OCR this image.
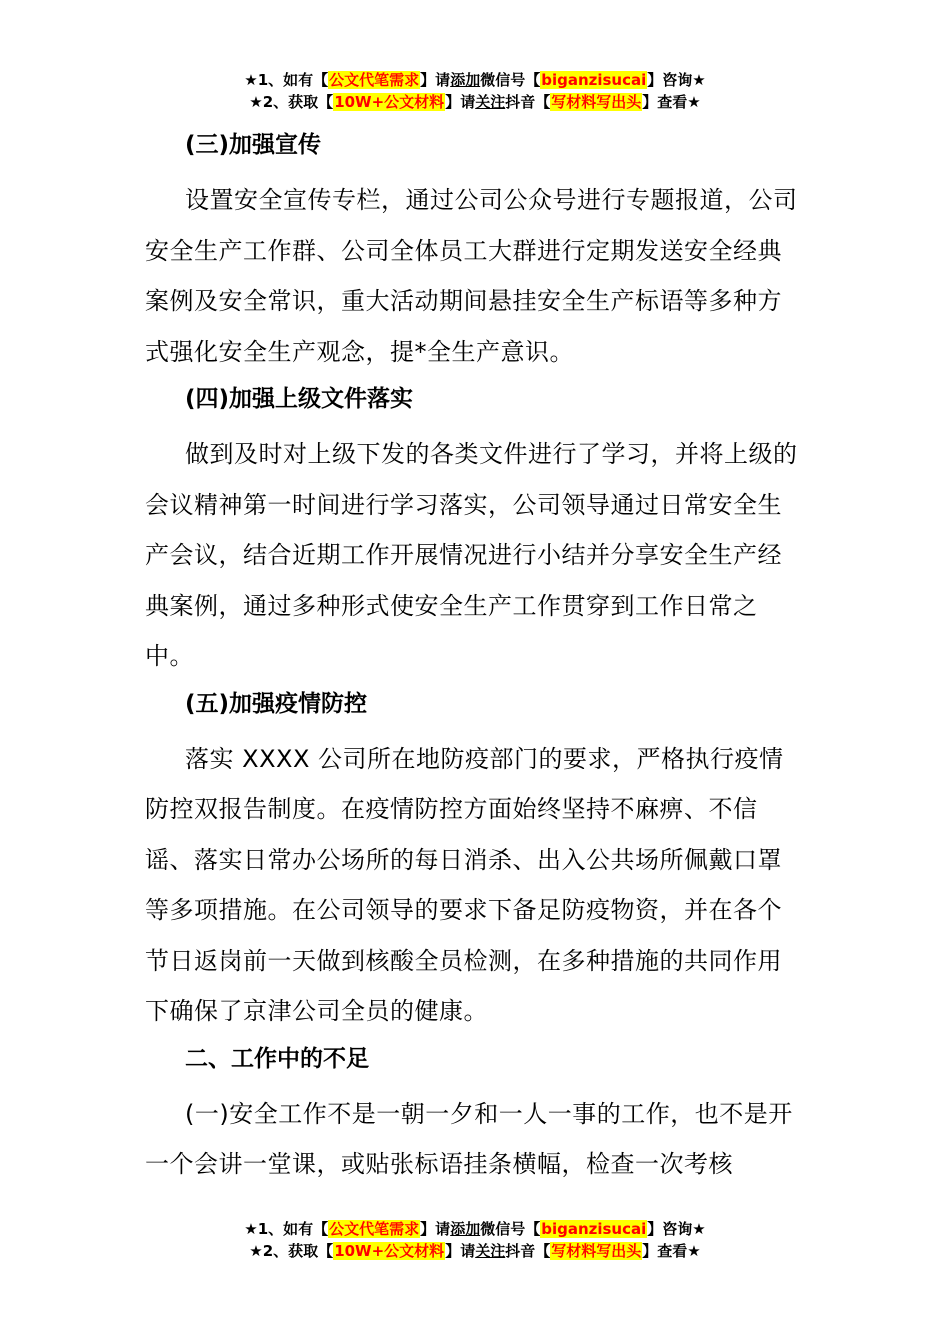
★1、如有【公文代笔需求】请添加微信号【biganzisucai】咨询★
★2、获取【10W+公文材料】请关注抖音【写材料写出头】查看★

(三)加强宣传

设置安全宣传专栏，通过公司公众号进行专题报道，公司安全生产工作群、公司全体员工大群进行定期发送安全经典案例及安全常识，重大活动期间悬挂安全生产标语等多种方式强化安全生产观念，提*全生产意识。

(四)加强上级文件落实

做到及时对上级下发的各类文件进行了学习，并将上级的会议精神第一时间进行学习落实，公司领导通过日常安全生产会议，结合近期工作开展情况进行小结并分享安全生产经典案例，通过多种形式使安全生产工作贯穿到工作日常之中。

(五)加强疫情防控

落实 XXXX 公司所在地防疫部门的要求，严格执行疫情防控双报告制度。在疫情防控方面始终坚持不麻痹、不信谣、落实日常办公场所的每日消杀、出入公共场所佩戴口罩等多项措施。在公司领导的要求下备足防疫物资，并在各个节日返岗前一天做到核酸全员检测，在多种措施的共同作用下确保了京津公司全员的健康。

二、工作中的不足

(一)安全工作不是一朝一夕和一人一事的工作，也不是开一个会讲一堂课，或贴张标语挂条横幅，检查一次考核

★1、如有【公文代笔需求】请添加微信号【biganzisucai】咨询★
★2、获取【10W+公文材料】请关注抖音【写材料写出头】查看★
